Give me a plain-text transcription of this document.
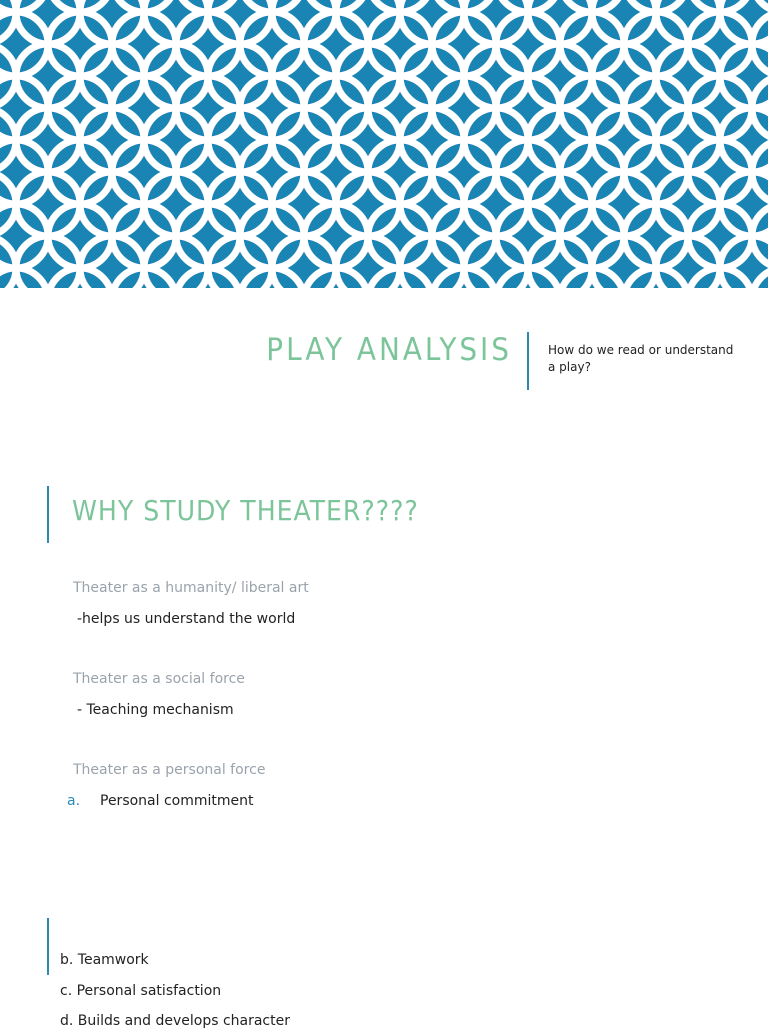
PLAY ANALYSIS	How do we read or understand a play?
WHY STUDY THEATER????
Theater as a humanity/ liberal art
-helps us understand the world
Theater as a social force
- Teaching mechanism
Theater as a personal force
a. Personal commitment
b. Teamwork
c. Personal satisfaction
d. Builds and develops character
